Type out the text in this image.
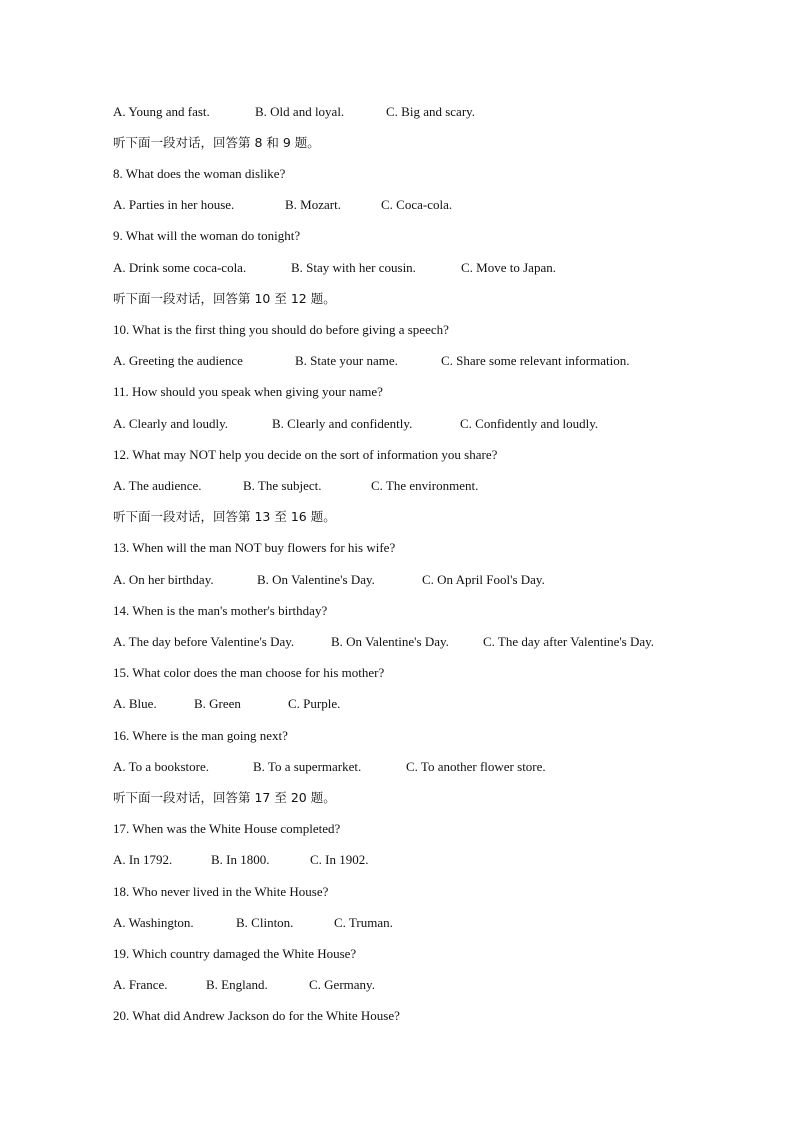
A. Young and fast.	B. Old and loyal.	C. Big and scary.
听下面一段对话，回答第 8 和 9 题。
8. What does the woman dislike?
A. Parties in her house.	B. Mozart.	C. Coca-cola.
9. What will the woman do tonight?
A. Drink some coca-cola.	B. Stay with her cousin.	C. Move to Japan.
听下面一段对话，回答第 10 至 12 题。
10. What is the first thing you should do before giving a speech?
A. Greeting the audience	B. State your name.	C. Share some relevant information.
11. How should you speak when giving your name?
A. Clearly and loudly.	B. Clearly and confidently.	C. Confidently and loudly.
12. What may NOT help you decide on the sort of information you share?
A. The audience.	B. The subject.	C. The environment.
听下面一段对话，回答第 13 至 16 题。
13. When will the man NOT buy flowers for his wife?
A. On her birthday.	B. On Valentine's Day.	C. On April Fool's Day.
14. When is the man's mother's birthday?
A. The day before Valentine's Day.	B. On Valentine's Day.	C. The day after Valentine's Day.
15. What color does the man choose for his mother?
A. Blue.	B. Green	C. Purple.
16. Where is the man going next?
A. To a bookstore.	B. To a supermarket.	C. To another flower store.
听下面一段对话，回答第 17 至 20 题。
17. When was the White House completed?
A. In 1792.	B. In 1800.	C. In 1902.
18. Who never lived in the White House?
A. Washington.	B. Clinton.	C. Truman.
19. Which country damaged the White House?
A. France.	B. England.	C. Germany.
20. What did Andrew Jackson do for the White House?
